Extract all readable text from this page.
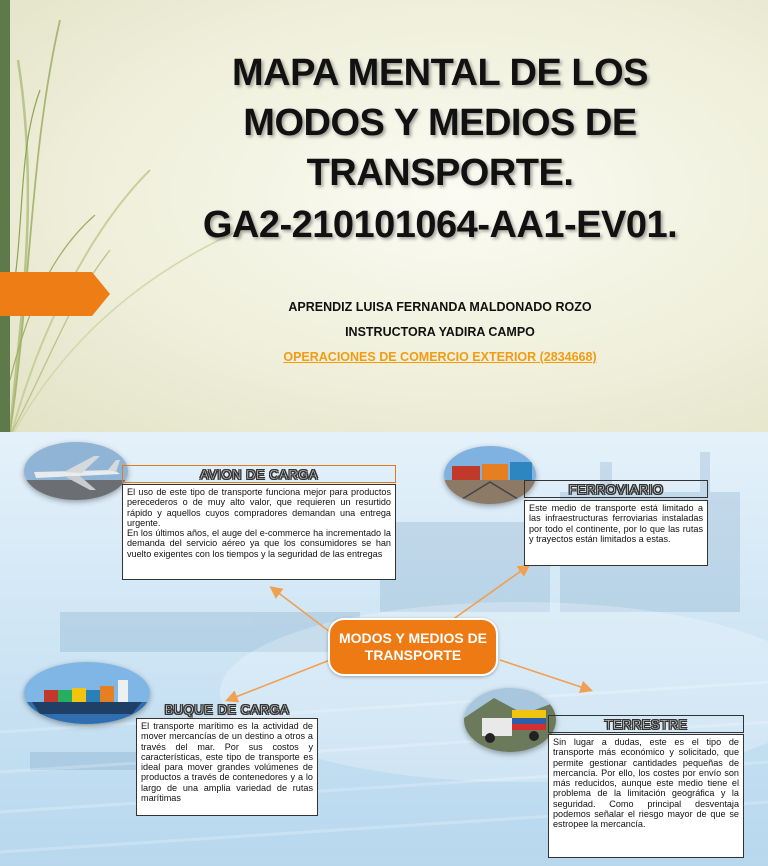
MAPA MENTAL DE LOS
MODOS Y MEDIOS DE
TRANSPORTE.
GA2-210101064-AA1-EV01.
APRENDIZ LUISA FERNANDA MALDONADO ROZO
INSTRUCTORA YADIRA CAMPO
OPERACIONES DE COMERCIO EXTERIOR (2834668)
AVION DE CARGA

El uso de este tipo de transporte funciona mejor para productos perecederos o de muy alto valor, que requieren un resurtido rápido y aquellos cuyos compradores demandan una entrega urgente.

En los últimos años, el auge del e-commerce ha incrementado la demanda del servicio aéreo ya que los consumidores se han vuelto exigentes con los tiempos y la seguridad de las entregas

FERROVIARIO

Este medio de transporte está limitado a las infraestructuras ferroviarias instaladas por todo el continente, por lo que las rutas y trayectos están limitados a estas.

MODOS Y MEDIOS DE TRANSPORTE
BUQUE DE CARGA

El transporte marítimo es la actividad de mover mercancías de un destino a otros a través del mar. Por sus costos y características, este tipo de transporte es ideal para mover grandes volúmenes de productos a través de contenedores y a lo largo de una amplia variedad de rutas marítimas

TERRESTRE

Sin lugar a dudas, este es el tipo de transporte más económico y solicitado, que permite gestionar cantidades pequeñas de mercancía. Por ello, los costes por envío son más reducidos, aunque este medio tiene el problema de la limitación geográfica y la seguridad. Como principal desventaja podemos señalar el riesgo mayor de que se estropee la mercancía.
